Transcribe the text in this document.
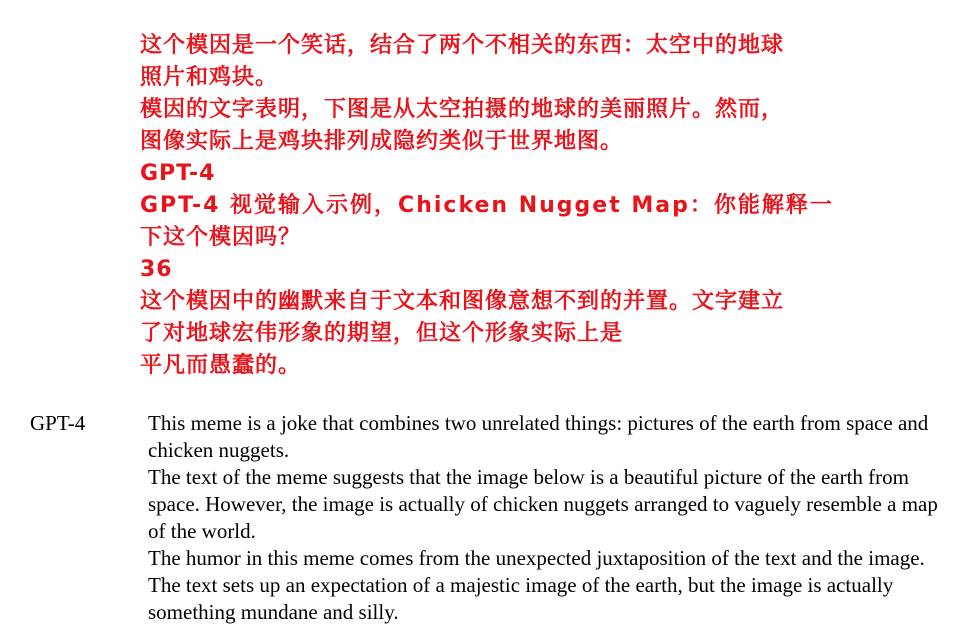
这个模因是一个笑话，结合了两个不相关的东西：太空中的地球
照片和鸡块。
模因的文字表明，下图是从太空拍摄的地球的美丽照片。然而，
图像实际上是鸡块排列成隐约类似于世界地图。
GPT-4
GPT-4 视觉输入示例，Chicken Nugget Map：你能解释一
下这个模因吗？
36
这个模因中的幽默来自于文本和图像意想不到的并置。文字建立
了对地球宏伟形象的期望，但这个形象实际上是
平凡而愚蠢的。
GPT-4	This meme is a joke that combines two unrelated things: pictures of the earth from space and chicken nuggets.

The text of the meme suggests that the image below is a beautiful picture of the earth from space. However, the image is actually of chicken nuggets arranged to vaguely resemble a map of the world.

The humor in this meme comes from the unexpected juxtaposition of the text and the image. The text sets up an expectation of a majestic image of the earth, but the image is actually something mundane and silly.
